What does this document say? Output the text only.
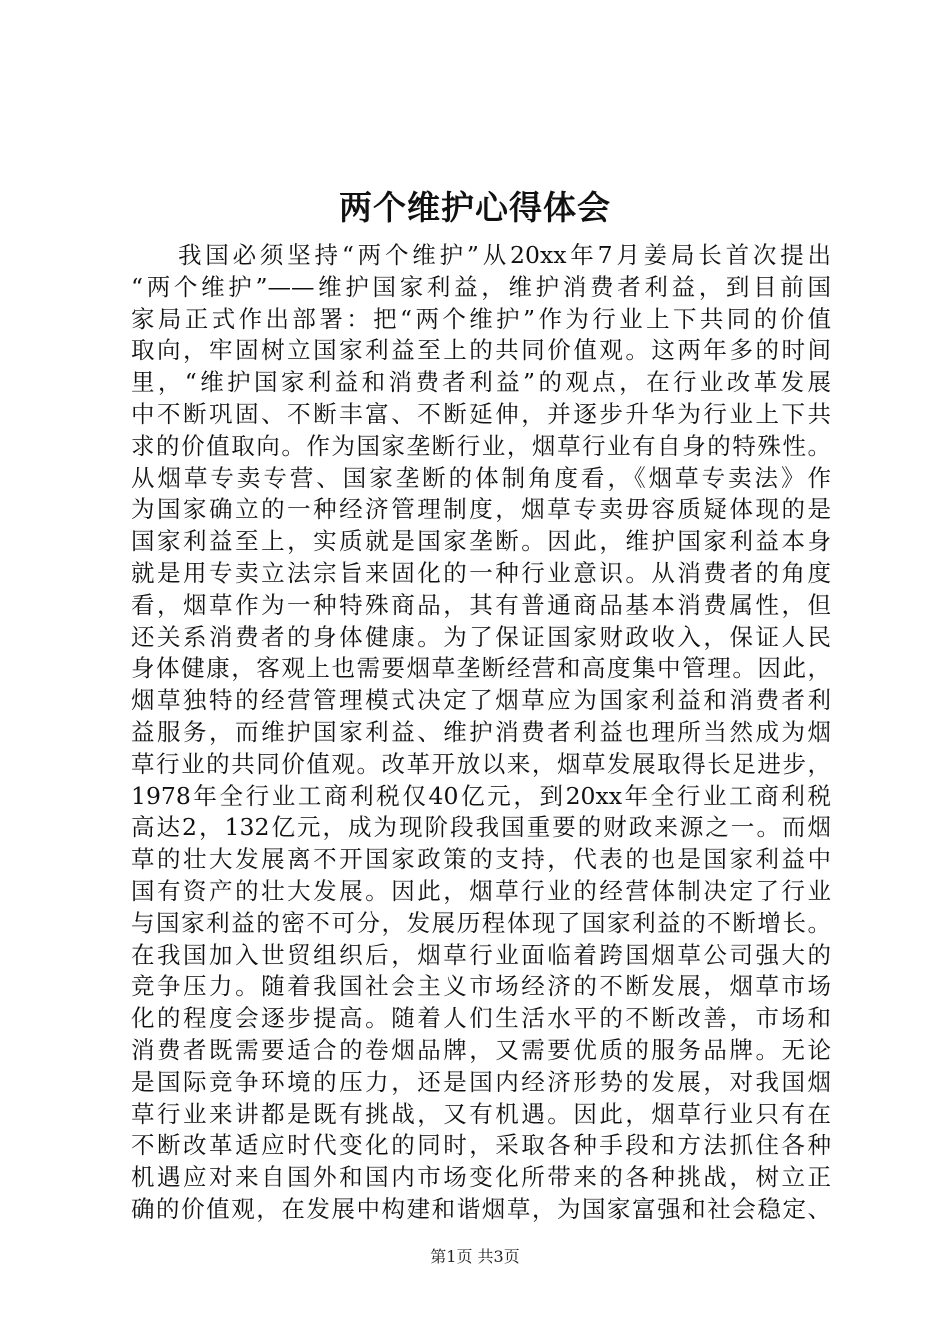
两个维护心得体会
我国必须坚持“两个维护”从20xx年7月姜局长首次提出
“两个维护”——维护国家利益，维护消费者利益，到目前国
家局正式作出部署：把“两个维护”作为行业上下共同的价值
取向，牢固树立国家利益至上的共同价值观。这两年多的时间
里，“维护国家利益和消费者利益”的观点，在行业改革发展
中不断巩固、不断丰富、不断延伸，并逐步升华为行业上下共
求的价值取向。作为国家垄断行业，烟草行业有自身的特殊性。
从烟草专卖专营、国家垄断的体制角度看，《烟草专卖法》作
为国家确立的一种经济管理制度，烟草专卖毋容质疑体现的是
国家利益至上，实质就是国家垄断。因此，维护国家利益本身
就是用专卖立法宗旨来固化的一种行业意识。从消费者的角度
看，烟草作为一种特殊商品，其有普通商品基本消费属性，但
还关系消费者的身体健康。为了保证国家财政收入，保证人民
身体健康，客观上也需要烟草垄断经营和高度集中管理。因此，
烟草独特的经营管理模式决定了烟草应为国家利益和消费者利
益服务，而维护国家利益、维护消费者利益也理所当然成为烟
草行业的共同价值观。改革开放以来，烟草发展取得长足进步，
1978年全行业工商利税仅40亿元，到20xx年全行业工商利税
高达2，132亿元，成为现阶段我国重要的财政来源之一。而烟
草的壮大发展离不开国家政策的支持，代表的也是国家利益中
国有资产的壮大发展。因此，烟草行业的经营体制决定了行业
与国家利益的密不可分，发展历程体现了国家利益的不断增长。
在我国加入世贸组织后，烟草行业面临着跨国烟草公司强大的
竞争压力。随着我国社会主义市场经济的不断发展，烟草市场
化的程度会逐步提高。随着人们生活水平的不断改善，市场和
消费者既需要适合的卷烟品牌，又需要优质的服务品牌。无论
是国际竞争环境的压力，还是国内经济形势的发展，对我国烟
草行业来讲都是既有挑战，又有机遇。因此，烟草行业只有在
不断改革适应时代变化的同时，采取各种手段和方法抓住各种
机遇应对来自国外和国内市场变化所带来的各种挑战，树立正
确的价值观，在发展中构建和谐烟草，为国家富强和社会稳定、
第1页 共3页
